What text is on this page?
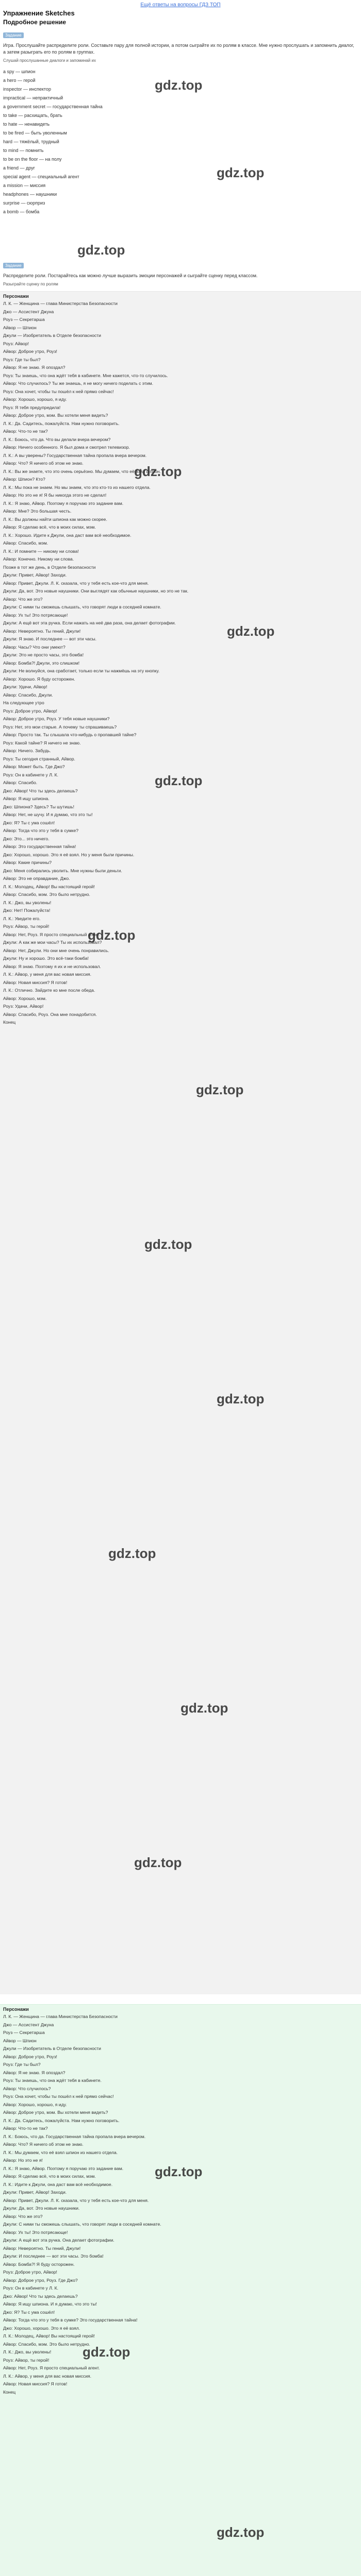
Ещё ответы на вопросы ГДЗ ТОП
Упражнение Sketches
Подробное решение
Задание
Игра. Прослушайте распределите роли. Составьте пару для полной истории, а потом сыграйте их по ролям в классе. Мне нужно прослушать и запомнить диалог, а затем разыграть его по ролям в группах.
Слушай прослушанные диалоги и запоминай их
a spy — шпион
a hero — герой
inspector — инспектор
impractical — непрактичный
a government secret — государственная тайна
to take — расхищать, брать
to hate — ненавидеть
to be fired — быть уволенным
hard — тяжёлый, трудный
to mind — помнить
to be on the floor — на полу
a friend — друг
special agent — специальный агент
a mission — миссия
headphones — наушники
surprise — сюрприз
a bomb — бомба
Задание
Распределите роли. Постарайтесь как можно лучше выразить эмоции персонажей и сыграйте сценку перед классом.
Разыграйте сценку по ролям
Персонажи
Л. К. — Женщина — глава Министерства Безопасности
Джо — Ассистент Джуна
Роуз — Секретарша
Айвор — Шпион
Джули — Изобретатель в Отделе безопасности
Роуз: Айвор!
Айвор: Доброе утро, Роуз!
Роуз: Где ты был?
Айвор: Я не знаю. Я опоздал?
Роуз: Ты знаешь, что она ждёт тебя в кабинете. Мне кажется, что-то случилось.
Айвор: Что случилось? Ты же знаешь, я не могу ничего поделать с этим.
Роуз: Она хочет, чтобы ты пошёл к ней прямо сейчас!
Айвор: Хорошо, хорошо, я иду.
Роуз: Я тебя предупредила!
Айвор: Доброе утро, мэм. Вы хотели меня видеть?
Л. К.: Да. Садитесь, пожалуйста. Нам нужно поговорить.
Айвор: Что-то не так?
Л. К.: Боюсь, что да. Что вы делали вчера вечером?
Айвор: Ничего особенного. Я был дома и смотрел телевизор.
Л. К.: А вы уверены? Государственная тайна пропала вчера вечером.
Айвор: Что? Я ничего об этом не знаю.
Л. К.: Вы же знаете, что это очень серьёзно. Мы думаем, что её взял шпион.
Айвор: Шпион? Кто?
Л. К.: Мы пока не знаем. Но мы знаем, что это кто-то из нашего отдела.
Айвор: Но это не я! Я бы никогда этого не сделал!
Л. К.: Я знаю, Айвор. Поэтому я поручаю это задание вам.
Айвор: Мне? Это большая честь.
Л. К.: Вы должны найти шпиона как можно скорее.
Айвор: Я сделаю всё, что в моих силах, мэм.
Л. К.: Хорошо. Идите к Джули, она даст вам всё необходимое.
Айвор: Спасибо, мэм.
Л. К.: И помните — никому ни слова!
Айвор: Конечно. Никому ни слова.
Позже в тот же день, в Отделе безопасности
Джули: Привет, Айвор! Заходи.
Айвор: Привет, Джули. Л. К. сказала, что у тебя есть кое-что для меня.
Джули: Да, вот. Это новые наушники. Они выглядят как обычные наушники, но это не так.
Айвор: Что же это?
Джули: С ними ты сможешь слышать, что говорят люди в соседней комнате.
Айвор: Ух ты! Это потрясающе!
Джули: А ещё вот эта ручка. Если нажать на неё два раза, она делает фотографии.
Айвор: Невероятно. Ты гений, Джули!
Джули: Я знаю. И последнее — вот эти часы.
Айвор: Часы? Что они умеют?
Джули: Это не просто часы, это бомба!
Айвор: Бомба?! Джули, это слишком!
Джули: Не волнуйся, она сработает, только если ты нажмёшь на эту кнопку.
Айвор: Хорошо. Я буду осторожен.
Джули: Удачи, Айвор!
Айвор: Спасибо, Джули.
На следующее утро
Роуз: Доброе утро, Айвор!
Айвор: Доброе утро, Роуз. У тебя новые наушники?
Роуз: Нет, это мои старые. А почему ты спрашиваешь?
Айвор: Просто так. Ты слышала что-нибудь о пропавшей тайне?
Роуз: Какой тайне? Я ничего не знаю.
Айвор: Ничего. Забудь.
Роуз: Ты сегодня странный, Айвор.
Айвор: Может быть. Где Джо?
Роуз: Он в кабинете у Л. К.
Айвор: Спасибо.
Джо: Айвор! Что ты здесь делаешь?
Айвор: Я ищу шпиона.
Джо: Шпиона? Здесь? Ты шутишь!
Айвор: Нет, не шучу. И я думаю, что это ты!
Джо: Я? Ты с ума сошёл!
Айвор: Тогда что это у тебя в сумке?
Джо: Это... это ничего.
Айвор: Это государственная тайна!
Джо: Хорошо, хорошо. Это я её взял. Но у меня были причины.
Айвор: Какие причины?
Джо: Меня собирались уволить. Мне нужны были деньги.
Айвор: Это не оправдание, Джо.
Л. К.: Молодец, Айвор! Вы настоящий герой!
Айвор: Спасибо, мэм. Это было нетрудно.
Л. К.: Джо, вы уволены!
Джо: Нет! Пожалуйста!
Л. К.: Уведите его.
Роуз: Айвор, ты герой!
Айвор: Нет, Роуз. Я просто специальный агент.
Джули: А как же мои часы? Ты их использовал?
Айвор: Нет, Джули. Но они мне очень понравились.
Джули: Ну и хорошо. Это всё-таки бомба!
Айвор: Я знаю. Поэтому я их и не использовал.
Л. К.: Айвор, у меня для вас новая миссия.
Айвор: Новая миссия? Я готов!
Л. К.: Отлично. Зайдите ко мне после обеда.
Айвор: Хорошо, мэм.
Роуз: Удачи, Айвор!
Айвор: Спасибо, Роуз. Она мне понадобится.
Конец
Персонажи
Л. К. — Женщина — глава Министерства Безопасности
Джо — Ассистент Джуна
Роуз — Секретарша
Айвор — Шпион
Джули — Изобретатель в Отделе безопасности
Айвор: Доброе утро, Роуз!
Роуз: Где ты был?
Айвор: Я не знаю. Я опоздал?
Роуз: Ты знаешь, что она ждёт тебя в кабинете.
Айвор: Что случилось?
Роуз: Она хочет, чтобы ты пошёл к ней прямо сейчас!
Айвор: Хорошо, хорошо, я иду.
Айвор: Доброе утро, мэм. Вы хотели меня видеть?
Л. К.: Да. Садитесь, пожалуйста. Нам нужно поговорить.
Айвор: Что-то не так?
Л. К.: Боюсь, что да. Государственная тайна пропала вчера вечером.
Айвор: Что? Я ничего об этом не знаю.
Л. К.: Мы думаем, что её взял шпион из нашего отдела.
Айвор: Но это не я!
Л. К.: Я знаю, Айвор. Поэтому я поручаю это задание вам.
Айвор: Я сделаю всё, что в моих силах, мэм.
Л. К.: Идите к Джули, она даст вам всё необходимое.
Джули: Привет, Айвор! Заходи.
Айвор: Привет, Джули. Л. К. сказала, что у тебя есть кое-что для меня.
Джули: Да, вот. Это новые наушники.
Айвор: Что же это?
Джули: С ними ты сможешь слышать, что говорят люди в соседней комнате.
Айвор: Ух ты! Это потрясающе!
Джули: А ещё вот эта ручка. Она делает фотографии.
Айвор: Невероятно. Ты гений, Джули!
Джули: И последнее — вот эти часы. Это бомба!
Айвор: Бомба?! Я буду осторожен.
Роуз: Доброе утро, Айвор!
Айвор: Доброе утро, Роуз. Где Джо?
Роуз: Он в кабинете у Л. К.
Джо: Айвор! Что ты здесь делаешь?
Айвор: Я ищу шпиона. И я думаю, что это ты!
Джо: Я? Ты с ума сошёл!
Айвор: Тогда что это у тебя в сумке? Это государственная тайна!
Джо: Хорошо, хорошо. Это я её взял.
Л. К.: Молодец, Айвор! Вы настоящий герой!
Айвор: Спасибо, мэм. Это было нетрудно.
Л. К.: Джо, вы уволены!
Роуз: Айвор, ты герой!
Айвор: Нет, Роуз. Я просто специальный агент.
Л. К.: Айвор, у меня для вас новая миссия.
Айвор: Новая миссия? Я готов!
Конец
gdz.top
gdz.top
gdz.top
gdz.top
gdz.top
gdz.top
gdz.top
gdz.top
gdz.top
gdz.top
gdz.top
gdz.top
gdz.top
gdz.top
gdz.top
gdz.top
